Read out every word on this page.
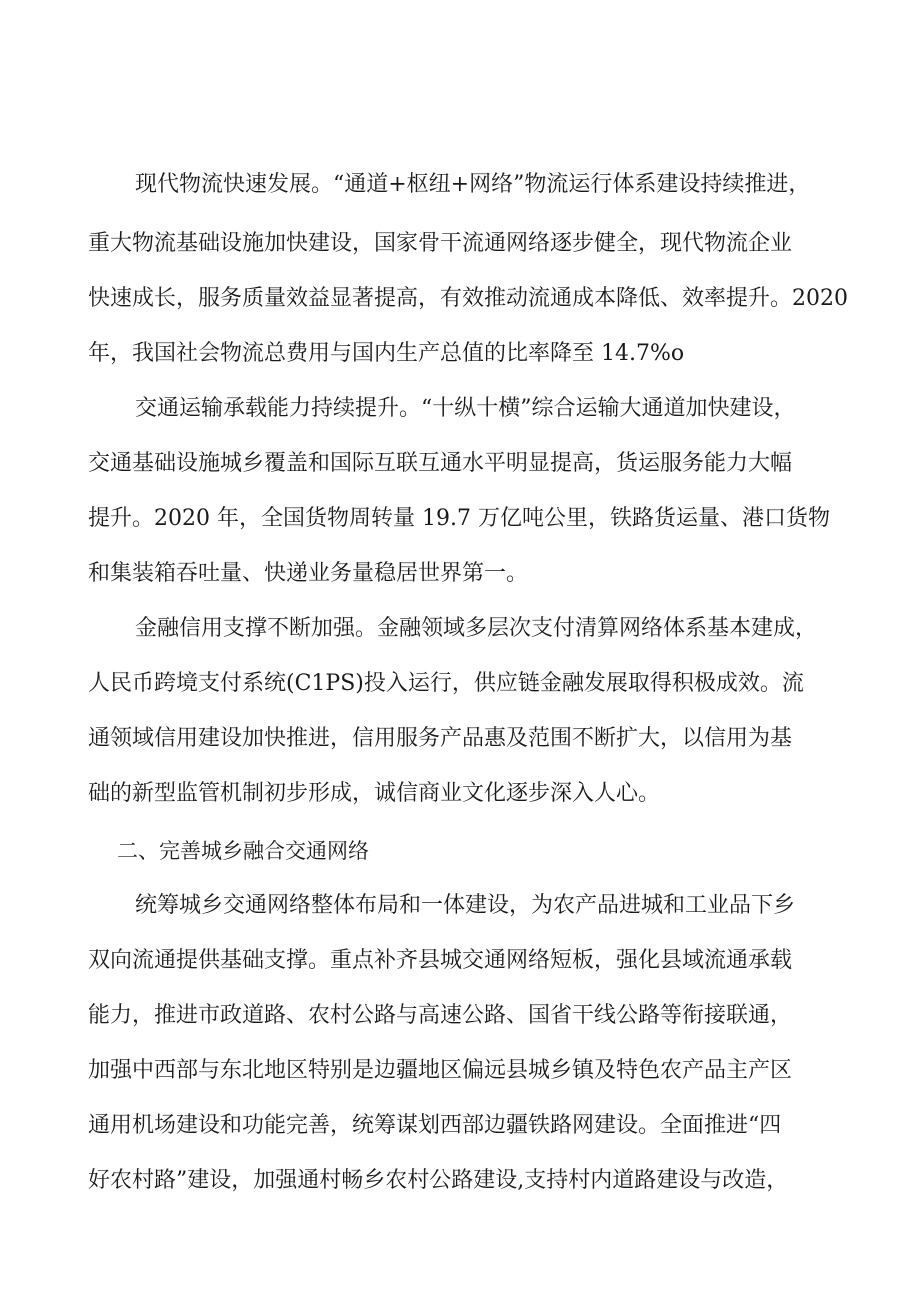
现代物流快速发展。“通道+枢纽+网络”物流运行体系建设持续推进，
重大物流基础设施加快建设，国家骨干流通网络逐步健全，现代物流企业
快速成长，服务质量效益显著提高，有效推动流通成本降低、效率提升。2020
年，我国社会物流总费用与国内生产总值的比率降至 14.7%o
交通运输承载能力持续提升。“十纵十横”综合运输大通道加快建设，
交通基础设施城乡覆盖和国际互联互通水平明显提高，货运服务能力大幅
提升。2020 年，全国货物周转量 19.7 万亿吨公里，铁路货运量、港口货物
和集装箱吞吐量、快递业务量稳居世界第一。
金融信用支撑不断加强。金融领域多层次支付清算网络体系基本建成，
人民币跨境支付系统(C1PS)投入运行，供应链金融发展取得积极成效。流
通领域信用建设加快推进，信用服务产品惠及范围不断扩大，以信用为基
础的新型监管机制初步形成，诚信商业文化逐步深入人心。
二、完善城乡融合交通网络
统筹城乡交通网络整体布局和一体建设，为农产品进城和工业品下乡
双向流通提供基础支撑。重点补齐县城交通网络短板，强化县域流通承载
能力，推进市政道路、农村公路与高速公路、国省干线公路等衔接联通，
加强中西部与东北地区特别是边疆地区偏远县城乡镇及特色农产品主产区
通用机场建设和功能完善，统筹谋划西部边疆铁路网建设。全面推进“四
好农村路”建设，加强通村畅乡农村公路建设,支持村内道路建设与改造，
